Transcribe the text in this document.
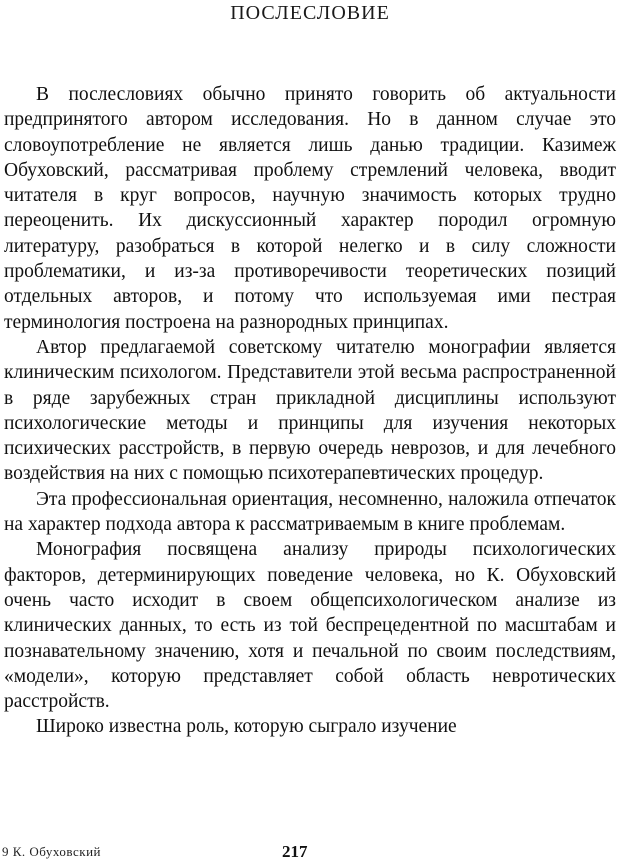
ПОСЛЕСЛОВИЕ

В послесловиях обычно принято говорить об актуальности предпринятого автором исследования. Но в данном случае это словоупотребление не является лишь данью традиции. Казимеж Обуховский, рассматривая проблему стремлений человека, вводит читателя в круг вопросов, научную значимость которых трудно переоценить. Их дискуссионный характер породил огромную литературу, разобраться в которой нелегко и в силу сложности проблематики, и из-за противоречивости теоретических позиций отдельных авторов, и потому что используемая ими пестрая терминология построена на разнородных принципах.

Автор предлагаемой советскому читателю монографии является клиническим психологом. Представители этой весьма распространенной в ряде зарубежных стран прикладной дисциплины используют психологические методы и принципы для изучения некоторых психических расстройств, в первую очередь неврозов, и для лечебного воздействия на них с помощью психотерапевтических процедур.

Эта профессиональная ориентация, несомненно, наложила отпечаток на характер подхода автора к рассматриваемым в книге проблемам.

Монография посвящена анализу природы психологических факторов, детерминирующих поведение человека, но К. Обуховский очень часто исходит в своем общепсихологическом анализе из клинических данных, то есть из той беспрецедентной по масштабам и познавательному значению, хотя и печальной по своим последствиям, «модели», которую представляет собой область невротических расстройств.

Широко известна роль, которую сыграло изучение

9 К. Обуховский	217
